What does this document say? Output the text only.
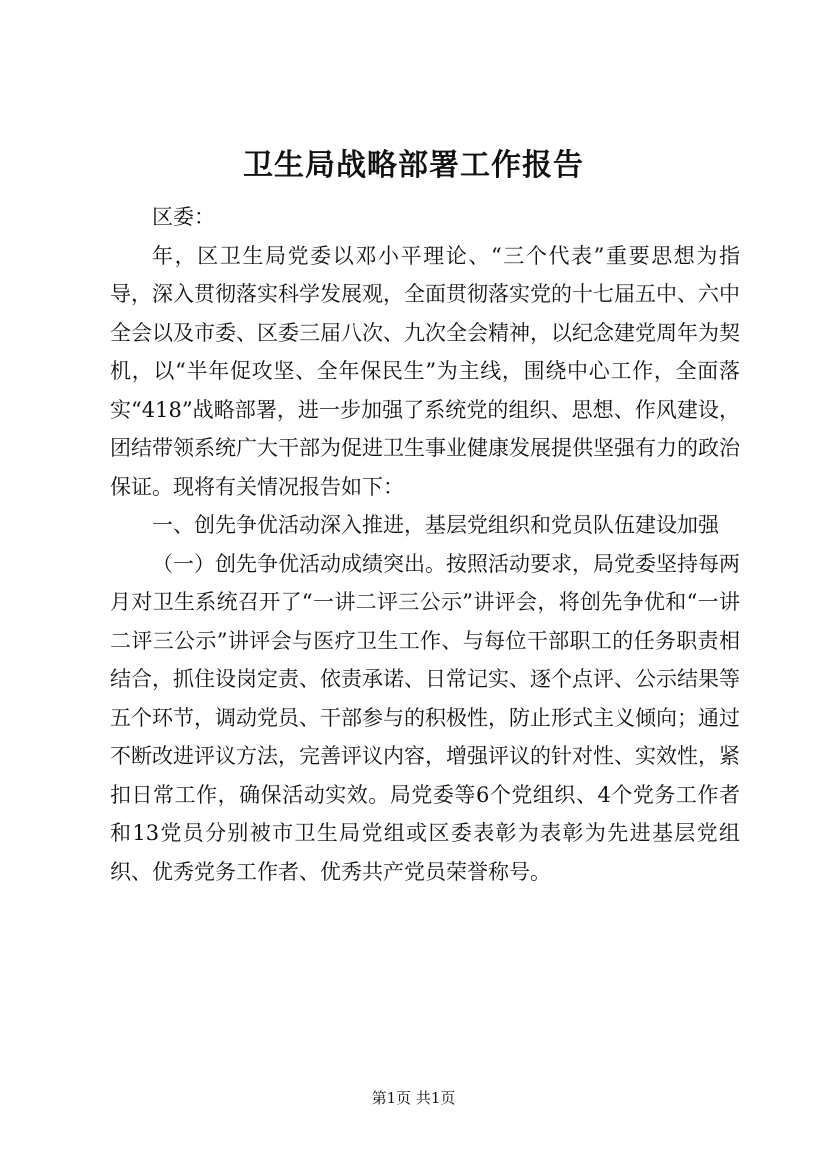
卫生局战略部署工作报告

区委：

年，区卫生局党委以邓小平理论、“三个代表”重要思想为指导，深入贯彻落实科学发展观，全面贯彻落实党的十七届五中、六中全会以及市委、区委三届八次、九次全会精神，以纪念建党周年为契机，以“半年促攻坚、全年保民生”为主线，围绕中心工作，全面落实“418”战略部署，进一步加强了系统党的组织、思想、作风建设，团结带领系统广大干部为促进卫生事业健康发展提供坚强有力的政治保证。现将有关情况报告如下：

一、创先争优活动深入推进，基层党组织和党员队伍建设加强

（一）创先争优活动成绩突出。按照活动要求，局党委坚持每两月对卫生系统召开了“一讲二评三公示”讲评会，将创先争优和“一讲二评三公示”讲评会与医疗卫生工作、与每位干部职工的任务职责相结合，抓住设岗定责、依责承诺、日常记实、逐个点评、公示结果等五个环节，调动党员、干部参与的积极性，防止形式主义倾向；通过不断改进评议方法，完善评议内容，增强评议的针对性、实效性，紧扣日常工作，确保活动实效。局党委等6个党组织、4个党务工作者和13党员分别被市卫生局党组或区委表彰为表彰为先进基层党组织、优秀党务工作者、优秀共产党员荣誉称号。

第1页 共1页
